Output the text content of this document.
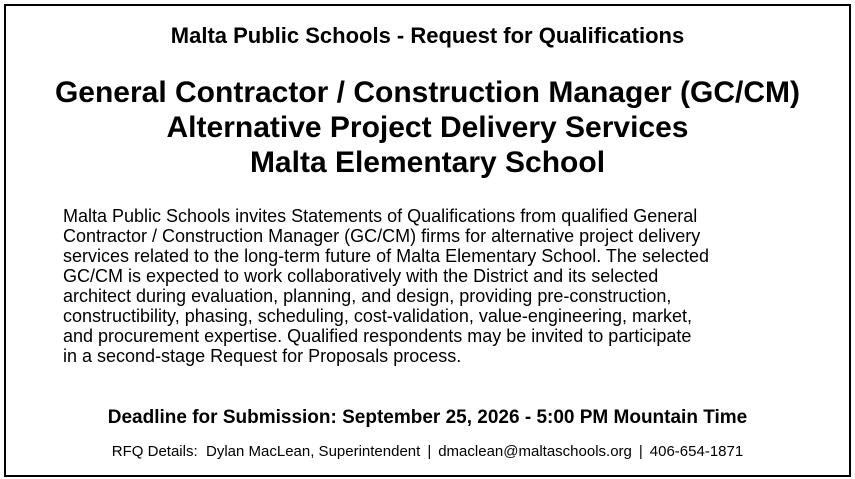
Malta Public Schools - Request for Qualifications
General Contractor / Construction Manager (GC/CM)
Alternative Project Delivery Services
Malta Elementary School
Malta Public Schools invites Statements of Qualifications from qualified General
Contractor / Construction Manager (GC/CM) firms for alternative project delivery
services related to the long-term future of Malta Elementary School. The selected
GC/CM is expected to work collaboratively with the District and its selected
architect during evaluation, planning, and design, providing pre-construction,
constructibility, phasing, scheduling, cost-validation, value-engineering, market,
and procurement expertise. Qualified respondents may be invited to participate
in a second-stage Request for Proposals process.
Deadline for Submission: September 25, 2026 - 5:00 PM Mountain Time
RFQ Details: Dylan MacLean, Superintendent | dmaclean@maltaschools.org | 406-654-1871
